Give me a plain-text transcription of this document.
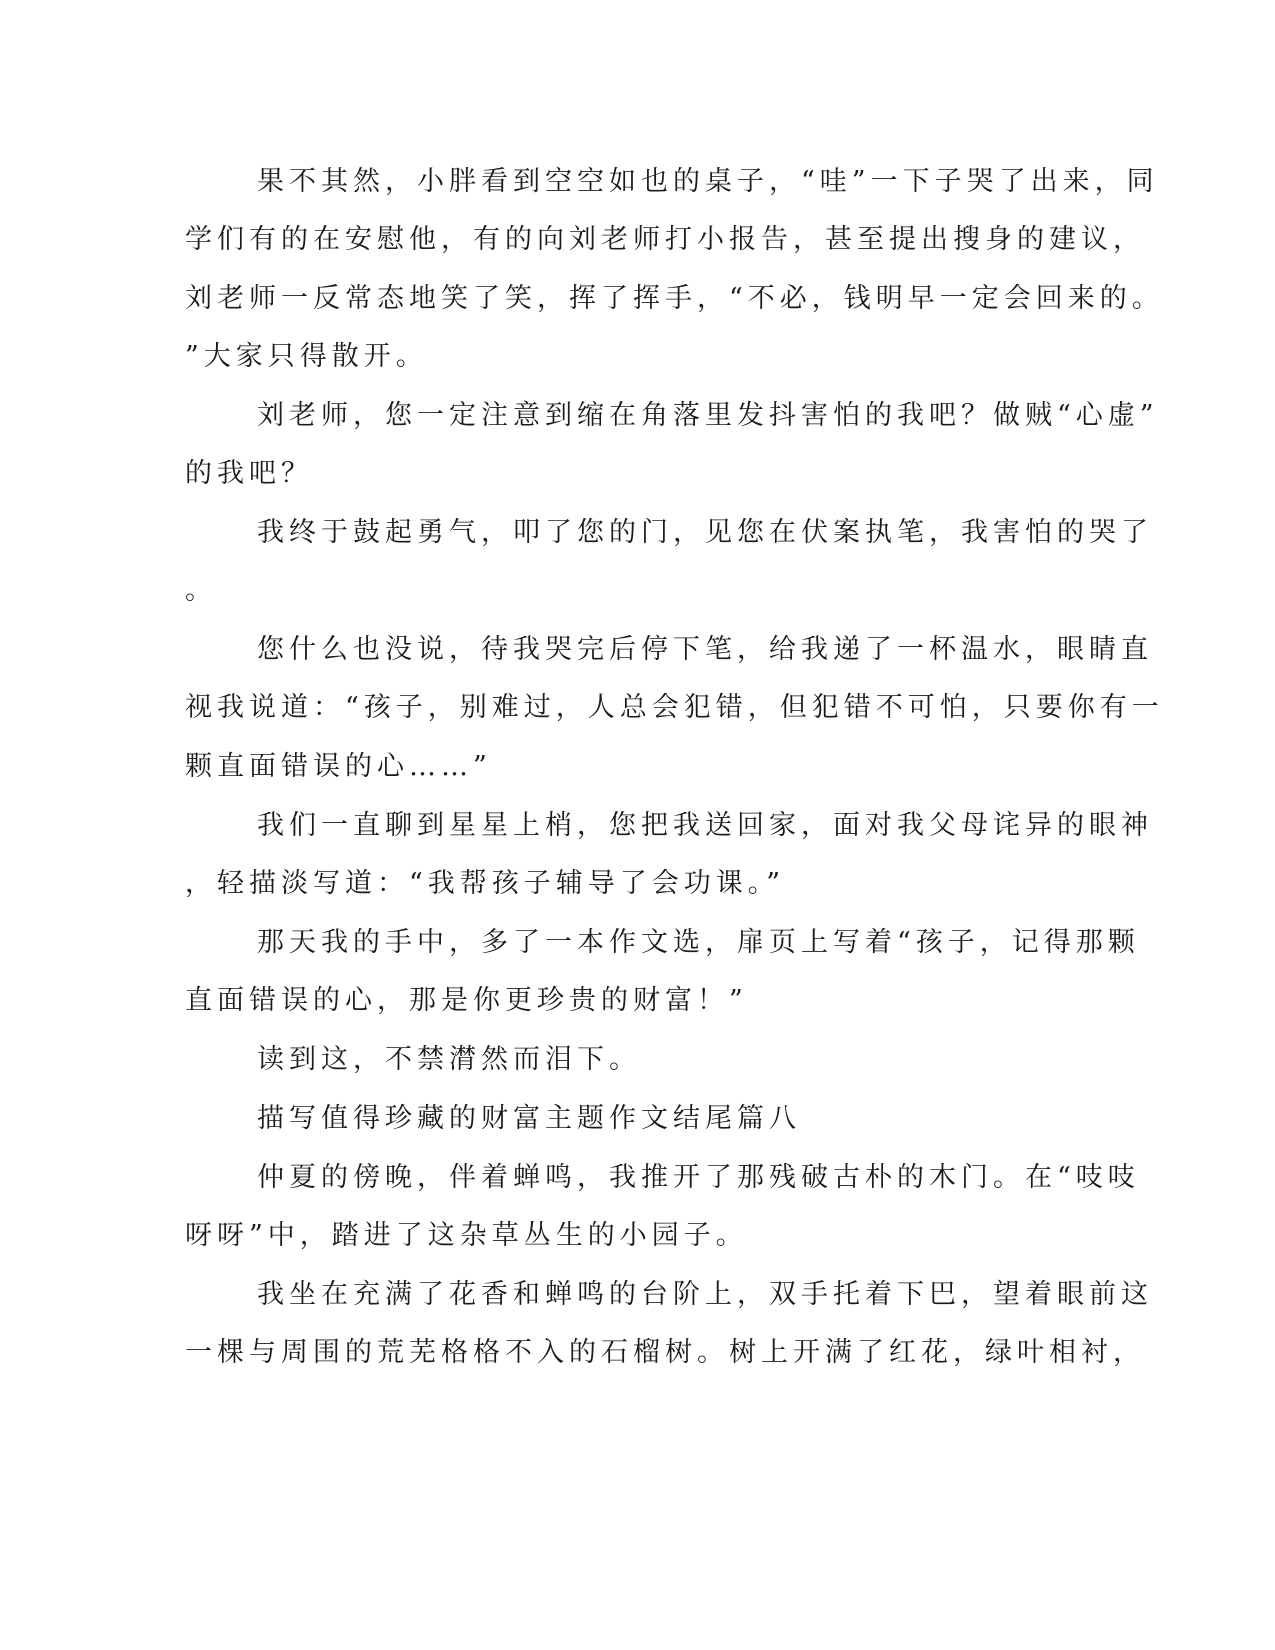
果不其然，小胖看到空空如也的桌子，“哇”一下子哭了出来，同
学们有的在安慰他，有的向刘老师打小报告，甚至提出搜身的建议，
刘老师一反常态地笑了笑，挥了挥手，“不必，钱明早一定会回来的。
”大家只得散开。
刘老师，您一定注意到缩在角落里发抖害怕的我吧？做贼“心虚”
的我吧？
我终于鼓起勇气，叩了您的门，见您在伏案执笔，我害怕的哭了
。
您什么也没说，待我哭完后停下笔，给我递了一杯温水，眼睛直
视我说道：“孩子，别难过，人总会犯错，但犯错不可怕，只要你有一
颗直面错误的心……”
我们一直聊到星星上梢，您把我送回家，面对我父母诧异的眼神
，轻描淡写道：“我帮孩子辅导了会功课。”
那天我的手中，多了一本作文选，扉页上写着“孩子，记得那颗
直面错误的心，那是你更珍贵的财富！”
读到这，不禁潸然而泪下。
描写值得珍藏的财富主题作文结尾篇八
仲夏的傍晚，伴着蝉鸣，我推开了那残破古朴的木门。在“吱吱
呀呀”中，踏进了这杂草丛生的小园子。
我坐在充满了花香和蝉鸣的台阶上，双手托着下巴，望着眼前这
一棵与周围的荒芜格格不入的石榴树。树上开满了红花，绿叶相衬，
